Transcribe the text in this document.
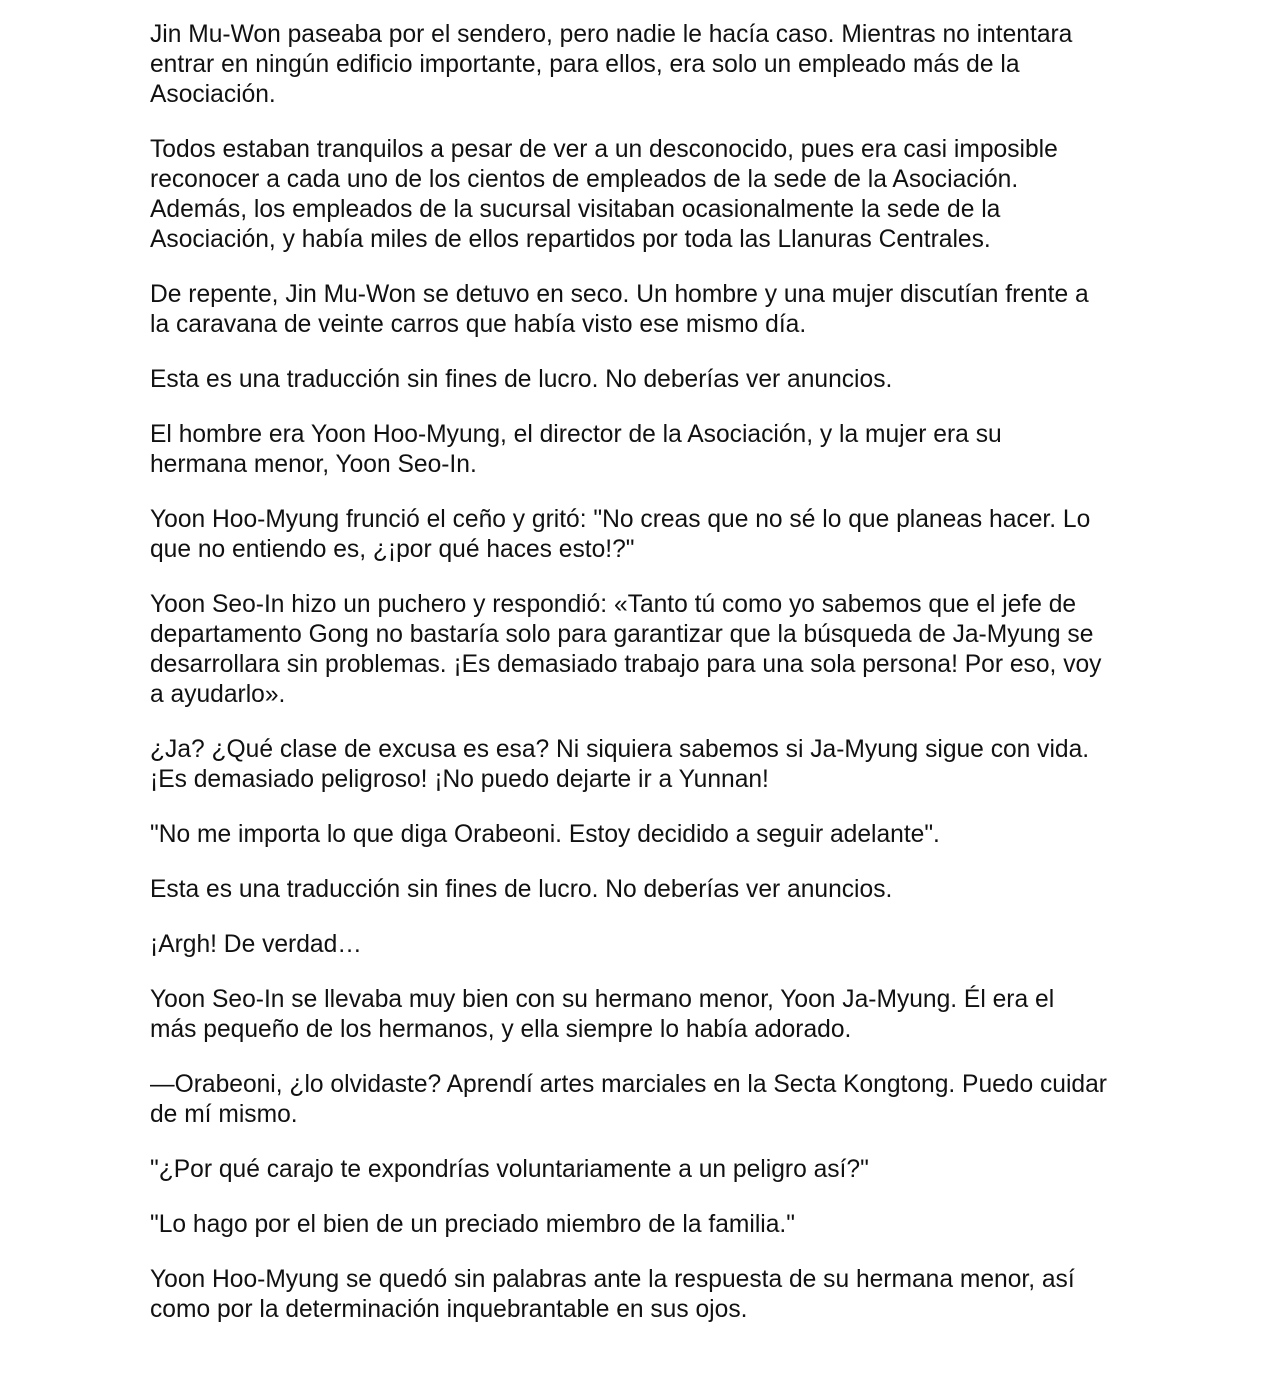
Jin Mu-Won paseaba por el sendero, pero nadie le hacía caso. Mientras no intentara
entrar en ningún edificio importante, para ellos, era solo un empleado más de la
Asociación.

Todos estaban tranquilos a pesar de ver a un desconocido, pues era casi imposible
reconocer a cada uno de los cientos de empleados de la sede de la Asociación.
Además, los empleados de la sucursal visitaban ocasionalmente la sede de la
Asociación, y había miles de ellos repartidos por toda las Llanuras Centrales.

De repente, Jin Mu-Won se detuvo en seco. Un hombre y una mujer discutían frente a
la caravana de veinte carros que había visto ese mismo día.

Esta es una traducción sin fines de lucro. No deberías ver anuncios.

El hombre era Yoon Hoo-Myung, el director de la Asociación, y la mujer era su
hermana menor, Yoon Seo-In.

Yoon Hoo-Myung frunció el ceño y gritó: "No creas que no sé lo que planeas hacer. Lo
que no entiendo es, ¿¡por qué haces esto!?"

Yoon Seo-In hizo un puchero y respondió: «Tanto tú como yo sabemos que el jefe de
departamento Gong no bastaría solo para garantizar que la búsqueda de Ja-Myung se
desarrollara sin problemas. ¡Es demasiado trabajo para una sola persona! Por eso, voy
a ayudarlo».

¿Ja? ¿Qué clase de excusa es esa? Ni siquiera sabemos si Ja-Myung sigue con vida.
¡Es demasiado peligroso! ¡No puedo dejarte ir a Yunnan!

"No me importa lo que diga Orabeoni. Estoy decidido a seguir adelante".

Esta es una traducción sin fines de lucro. No deberías ver anuncios.

¡Argh! De verdad…

Yoon Seo-In se llevaba muy bien con su hermano menor, Yoon Ja-Myung. Él era el
más pequeño de los hermanos, y ella siempre lo había adorado.

—Orabeoni, ¿lo olvidaste? Aprendí artes marciales en la Secta Kongtong. Puedo cuidar
de mí mismo.

"¿Por qué carajo te expondrías voluntariamente a un peligro así?"

"Lo hago por el bien de un preciado miembro de la familia."

Yoon Hoo-Myung se quedó sin palabras ante la respuesta de su hermana menor, así
como por la determinación inquebrantable en sus ojos.
